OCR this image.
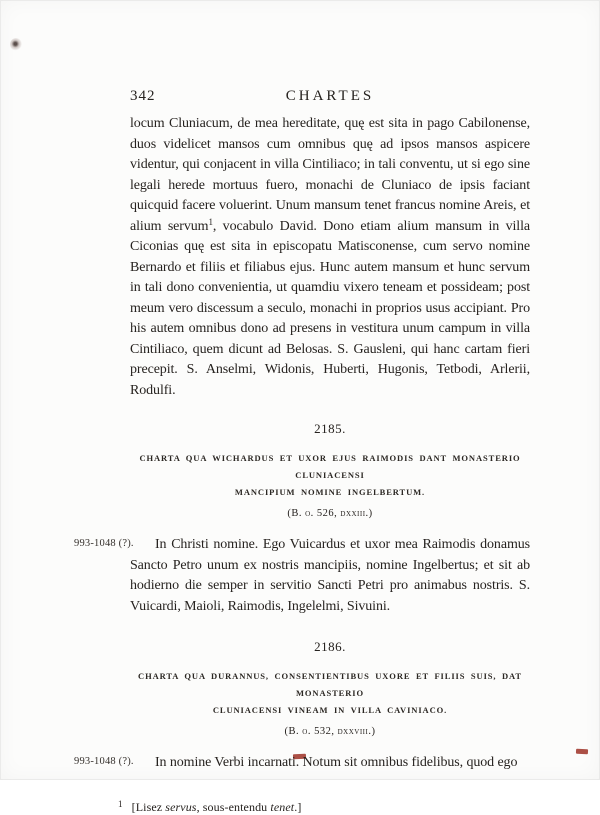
342	CHARTES

locum Cluniacum, de mea hereditate, quę est sita in pago Cabilonense, duos videlicet mansos cum omnibus quę ad ipsos mansos aspicere videntur, qui conjacent in villa Cintiliaco; in tali conventu, ut si ego sine legali herede mortuus fuero, monachi de Cluniaco de ipsis faciant quicquid facere voluerint. Unum mansum tenet francus nomine Areis, et alium servum$^1$, vocabulo David. Dono etiam alium mansum in villa Ciconias quę est sita in episcopatu Matisconense, cum servo nomine Bernardo et filiis et filiabus ejus. Hunc autem mansum et hunc servum in tali dono convenientia, ut quamdiu vixero teneam et possideam; post meum vero discessum a seculo, monachi in proprios usus accipiant. Pro his autem omnibus dono ad presens in vestitura unum campum in villa Cintiliaco, quem dicunt ad Belosas. S. Gausleni, qui hanc cartam fieri precepit. S. Anselmi, Widonis, Huberti, Hugonis, Tetbodi, Arlerii, Rodulfi.

2185.
CHARTA QUA WICHARDUS ET UXOR EJUS RAIMODIS DANT MONASTERIO CLUNIACENSI
MANCIPIUM NOMINE INGELBERTUM.
(B. o. 526, dxxiii.)
993-1048 (?).	In Christi nomine. Ego Vuicardus et uxor mea Raimodis donamus Sancto Petro unum ex nostris mancipiis, nomine Ingelbertus; et sit ab hodierno die semper in servitio Sancti Petri pro animabus nostris. S. Vuicardi, Maioli, Raimodis, Ingelelmi, Sivuini.

2186.
CHARTA QUA DURANNUS, CONSENTIENTIBUS UXORE ET FILIIS SUIS, DAT MONASTERIO
CLUNIACENSI VINEAM IN VILLA CAVINIACO.
(B. o. 532, dxxviii.)
993-1048 (?).	In nomine Verbi incarnati. Notum sit omnibus fidelibus, quod ego

$^1$ [Lisez servus, sous-entendu tenet.]
